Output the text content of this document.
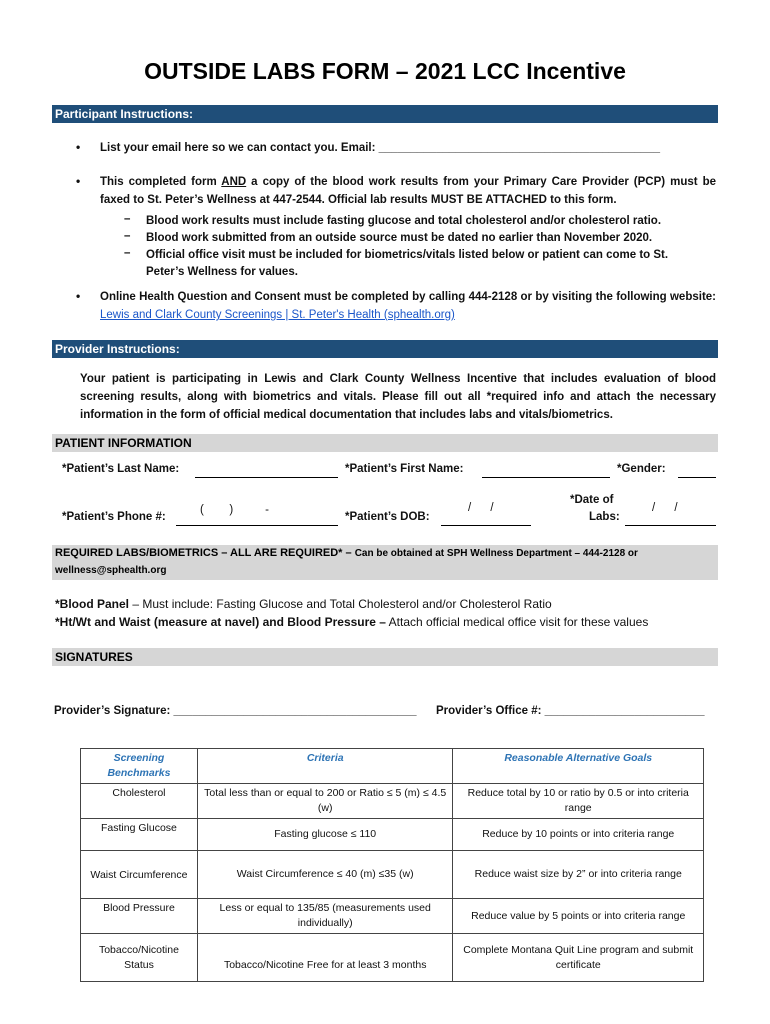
OUTSIDE LABS FORM – 2021 LCC Incentive
Participant Instructions:
• List your email here so we can contact you. Email: ____________________________________________
• This completed form AND a copy of the blood work results from your Primary Care Provider (PCP) must be faxed to St. Peter’s Wellness at 447-2544. Official lab results MUST BE ATTACHED to this form.
– Blood work results must include fasting glucose and total cholesterol and/or cholesterol ratio.
– Blood work submitted from an outside source must be dated no earlier than November 2020.
– Official office visit must be included for biometrics/vitals listed below or patient can come to St. Peter’s Wellness for values.
• Online Health Question and Consent must be completed by calling 444-2128 or by visiting the following website: Lewis and Clark County Screenings | St. Peter's Health (sphealth.org)
Provider Instructions:
Your patient is participating in Lewis and Clark County Wellness Incentive that includes evaluation of blood screening results, along with biometrics and vitals. Please fill out all *required info and attach the necessary information in the form of official medical documentation that includes labs and vitals/biometrics.
PATIENT INFORMATION
*Patient’s Last Name:	*Patient’s First Name:	*Gender:
*Patient’s Phone #:
(        )          -
*Patient’s DOB:
/      /
*Date of
Labs:
/      /
REQUIRED LABS/BIOMETRICS – ALL ARE REQUIRED* – Can be obtained at SPH Wellness Department – 444-2128 or wellness@sphealth.org
*Blood Panel – Must include: Fasting Glucose and Total Cholesterol and/or Cholesterol Ratio
*Ht/Wt and Waist (measure at navel) and Blood Pressure – Attach official medical office visit for these values
SIGNATURES
Provider’s Signature: ______________________________________ Provider’s Office #: _________________________
Screening Benchmarks	Criteria	Reasonable Alternative Goals
Cholesterol	Total less than or equal to 200 or Ratio ≤ 5 (m) ≤ 4.5 (w)	Reduce total by 10 or ratio by 0.5 or into criteria range
Fasting Glucose	Fasting glucose ≤ 110	Reduce by 10 points or into criteria range
Waist Circumference	Waist Circumference ≤ 40 (m) ≤35 (w)	Reduce waist size by 2” or into criteria range
Blood Pressure	Less or equal to 135/85 (measurements used individually)	Reduce value by 5 points or into criteria range
Tobacco/Nicotine Status	Tobacco/Nicotine Free for at least 3 months	Complete Montana Quit Line program and submit certificate
